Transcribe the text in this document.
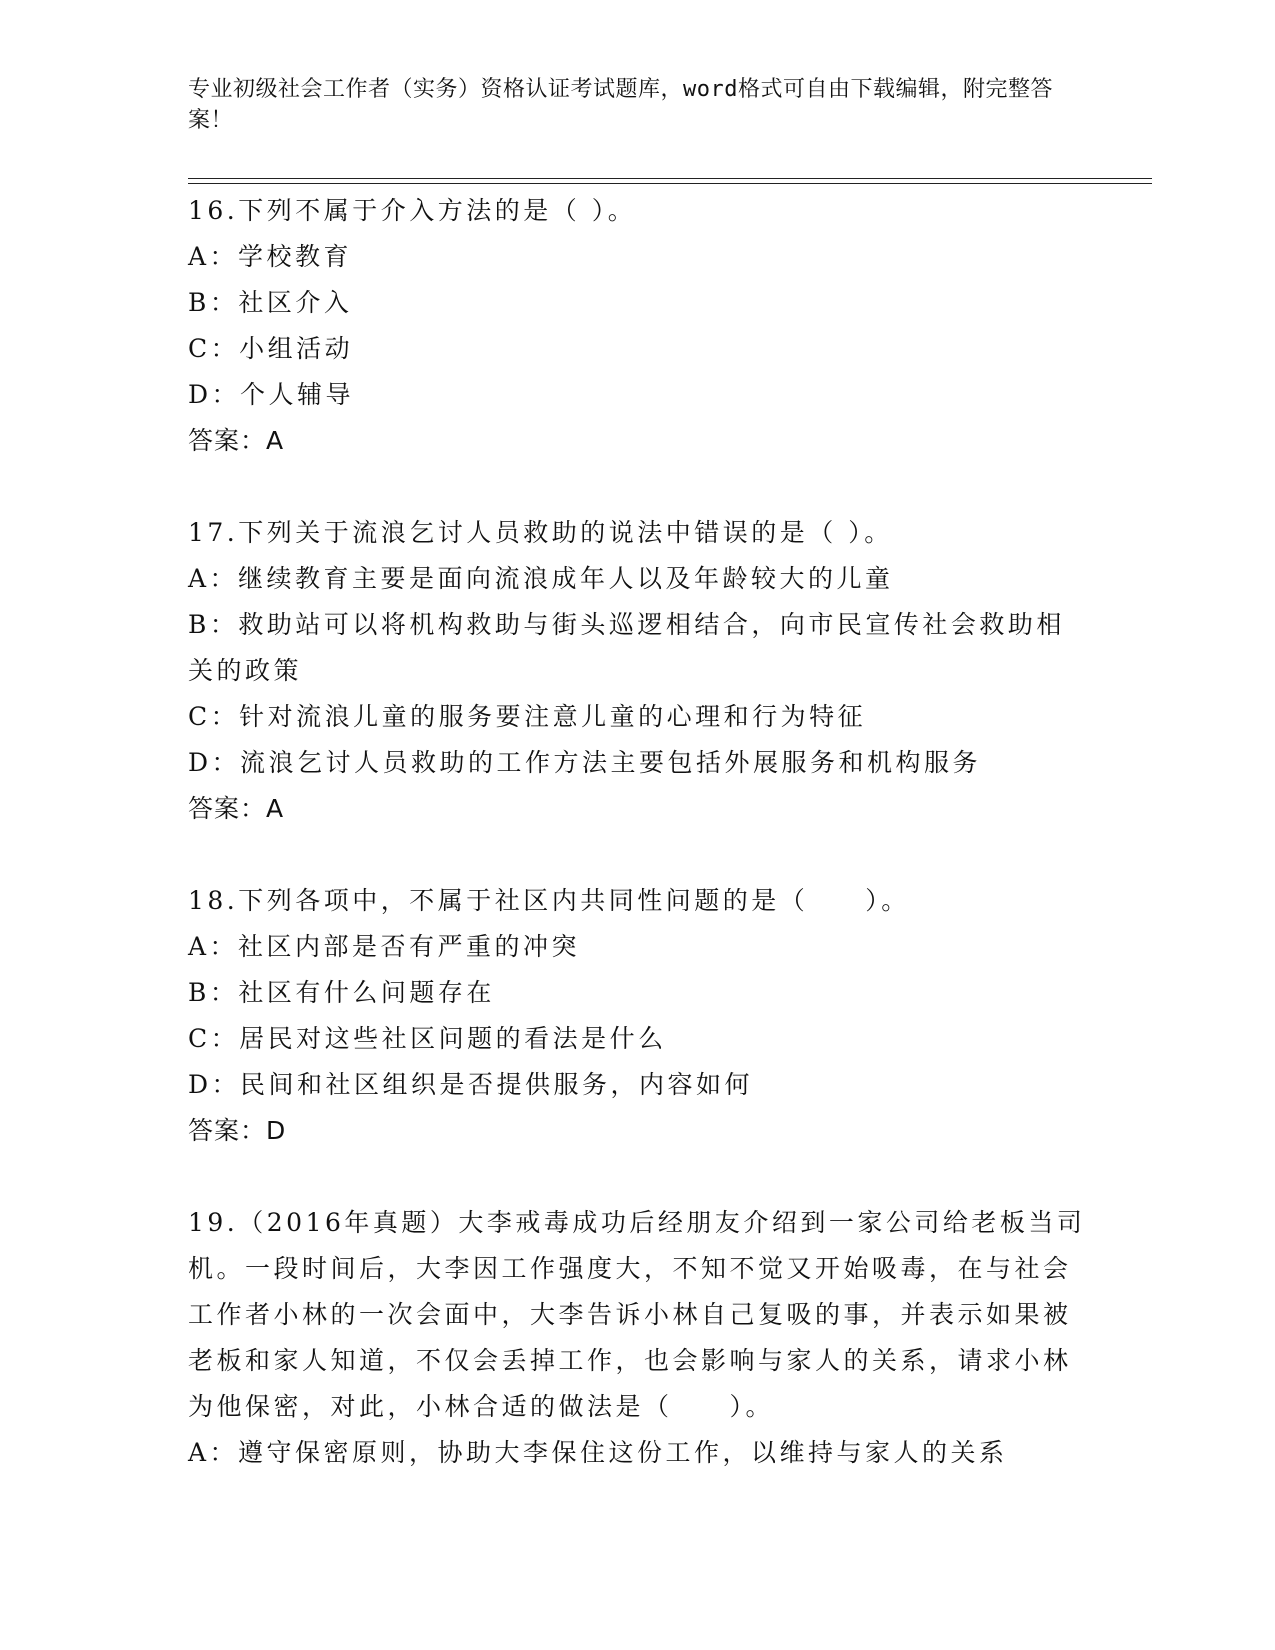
专业初级社会工作者（实务）资格认证考试题库，word格式可自由下载编辑，附完整答案！

16.下列不属于介入方法的是（ ）。

A：学校教育

B：社区介入

C：小组活动

D：个人辅导

答案：A

17.下列关于流浪乞讨人员救助的说法中错误的是（ ）。

A：继续教育主要是面向流浪成年人以及年龄较大的儿童

B：救助站可以将机构救助与街头巡逻相结合，向市民宣传社会救助相关的政策

C：针对流浪儿童的服务要注意儿童的心理和行为特征

D：流浪乞讨人员救助的工作方法主要包括外展服务和机构服务

答案：A

18.下列各项中，不属于社区内共同性问题的是（　　）。

A：社区内部是否有严重的冲突

B：社区有什么问题存在

C：居民对这些社区问题的看法是什么

D：民间和社区组织是否提供服务，内容如何

答案：D

19.（2016年真题）大李戒毒成功后经朋友介绍到一家公司给老板当司机。一段时间后，大李因工作强度大，不知不觉又开始吸毒，在与社会工作者小林的一次会面中，大李告诉小林自己复吸的事，并表示如果被老板和家人知道，不仅会丢掉工作，也会影响与家人的关系，请求小林为他保密，对此，小林合适的做法是（　　）。

A：遵守保密原则，协助大李保住这份工作，以维持与家人的关系
